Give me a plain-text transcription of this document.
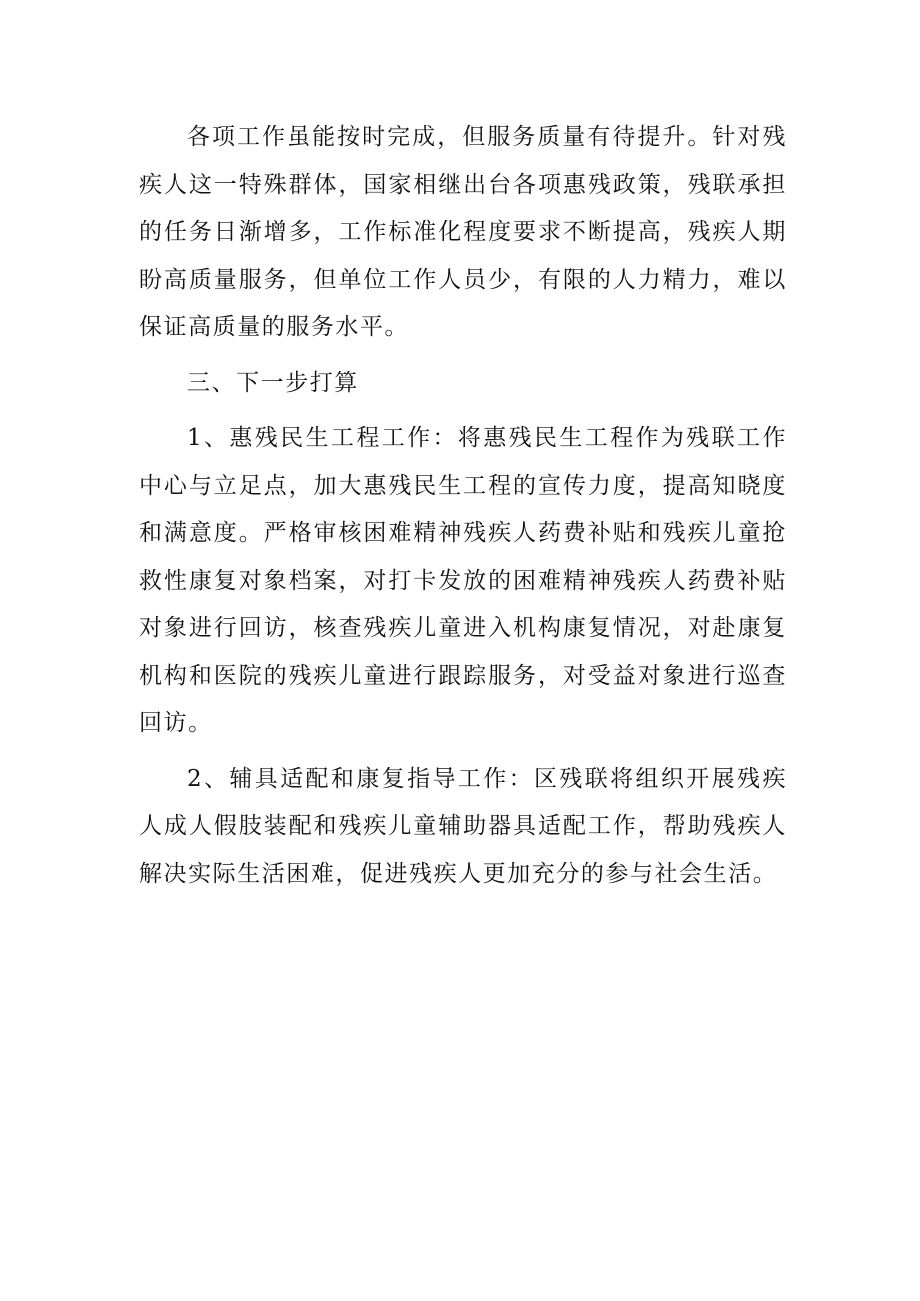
各项工作虽能按时完成，但服务质量有待提升。针对残疾人这一特殊群体，国家相继出台各项惠残政策，残联承担的任务日渐增多，工作标准化程度要求不断提高，残疾人期盼高质量服务，但单位工作人员少，有限的人力精力，难以保证高质量的服务水平。

三、下一步打算

1、惠残民生工程工作：将惠残民生工程作为残联工作中心与立足点，加大惠残民生工程的宣传力度，提高知晓度和满意度。严格审核困难精神残疾人药费补贴和残疾儿童抢救性康复对象档案，对打卡发放的困难精神残疾人药费补贴对象进行回访，核查残疾儿童进入机构康复情况，对赴康复机构和医院的残疾儿童进行跟踪服务，对受益对象进行巡查回访。

2、辅具适配和康复指导工作：区残联将组织开展残疾人成人假肢装配和残疾儿童辅助器具适配工作，帮助残疾人解决实际生活困难，促进残疾人更加充分的参与社会生活。
